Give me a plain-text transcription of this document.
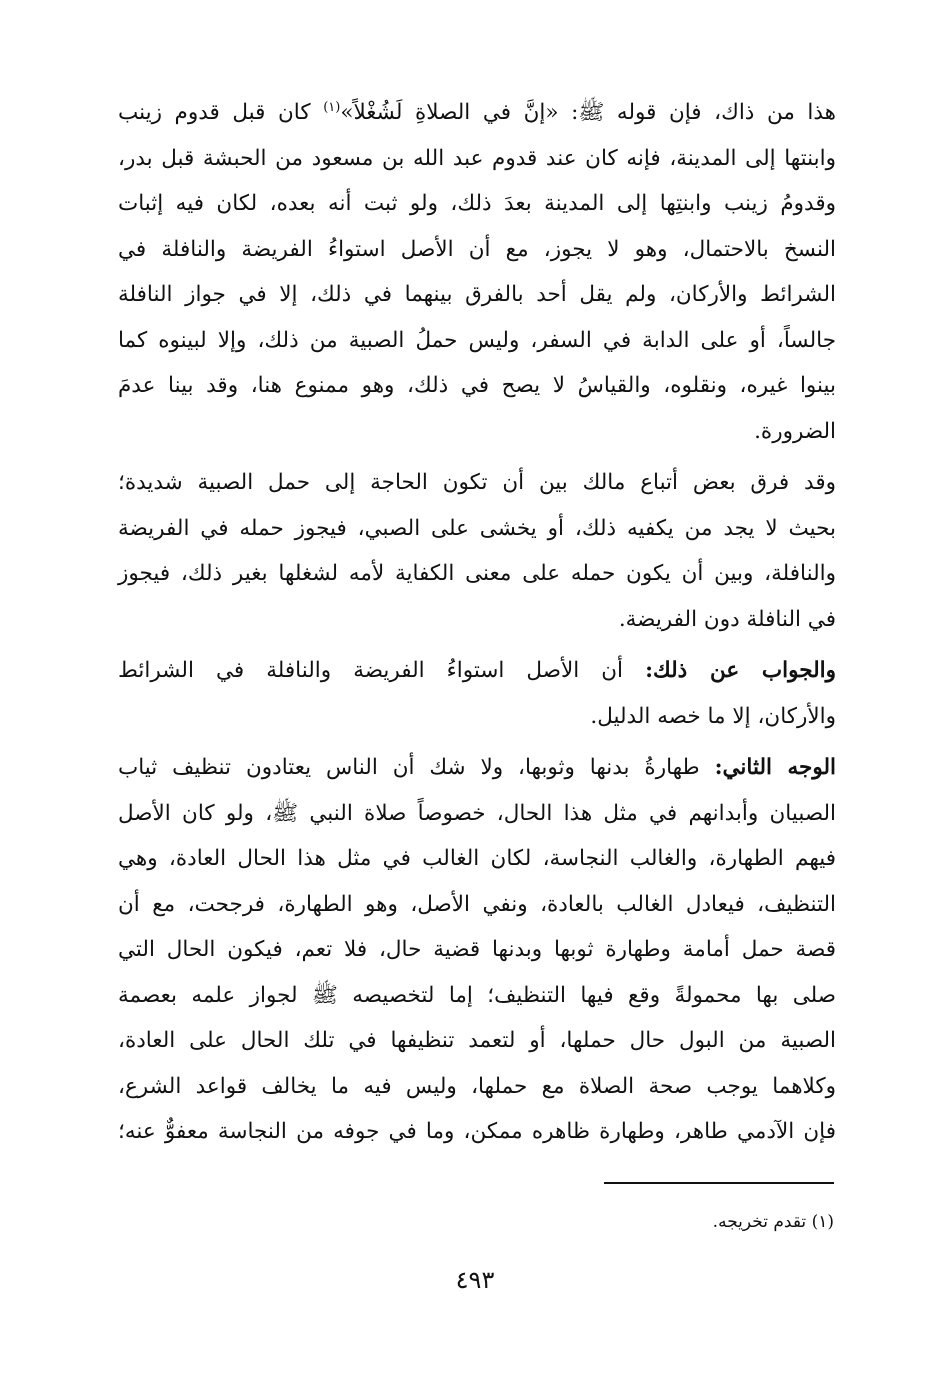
هذا من ذاك، فإن قوله ﷺ: «إنَّ في الصلاةِ لَشُغْلاً»$^{(١)}$ كان قبل قدوم زينب
وابنتها إلى المدينة، فإنه كان عند قدوم عبد الله بن مسعود من الحبشة قبل بدر،
وقدومُ زينب وابنتِها إلى المدينة بعدَ ذلك، ولو ثبت أنه بعده، لكان فيه إثبات
النسخ بالاحتمال، وهو لا يجوز، مع أن الأصل استواءُ الفريضة والنافلة في
الشرائط والأركان، ولم يقل أحد بالفرق بينهما في ذلك، إلا في جواز النافلة
جالساً، أو على الدابة في السفر، وليس حملُ الصبية من ذلك، وإلا لبينوه كما
بينوا غيره، ونقلوه، والقياسُ لا يصح في ذلك، وهو ممنوع هنا، وقد بينا عدمَ
الضرورة.
وقد فرق بعض أتباع مالك بين أن تكون الحاجة إلى حمل الصبية شديدة؛
بحيث لا يجد من يكفيه ذلك، أو يخشى على الصبي، فيجوز حمله في الفريضة
والنافلة، وبين أن يكون حمله على معنى الكفاية لأمه لشغلها بغير ذلك، فيجوز
في النافلة دون الفريضة.
والجواب عن ذلك: أن الأصل استواءُ الفريضة والنافلة في الشرائط
والأركان، إلا ما خصه الدليل.
الوجه الثاني: طهارةُ بدنها وثوبها، ولا شك أن الناس يعتادون تنظيف ثياب
الصبيان وأبدانهم في مثل هذا الحال، خصوصاً صلاة النبي ﷺ، ولو كان الأصل
فيهم الطهارة، والغالب النجاسة، لكان الغالب في مثل هذا الحال العادة، وهي
التنظيف، فيعادل الغالب بالعادة، ونفي الأصل، وهو الطهارة، فرجحت، مع أن
قصة حمل أمامة وطهارة ثوبها وبدنها قضية حال، فلا تعم، فيكون الحال التي
صلى بها محمولةً وقع فيها التنظيف؛ إما لتخصيصه ﷺ لجواز علمه بعصمة
الصبية من البول حال حملها، أو لتعمد تنظيفها في تلك الحال على العادة،
وكلاهما يوجب صحة الصلاة مع حملها، وليس فيه ما يخالف قواعد الشرع،
فإن الآدمي طاهر، وطهارة ظاهره ممكن، وما في جوفه من النجاسة معفوٌّ عنه؛
(١) تقدم تخريجه.
٤٩٣
